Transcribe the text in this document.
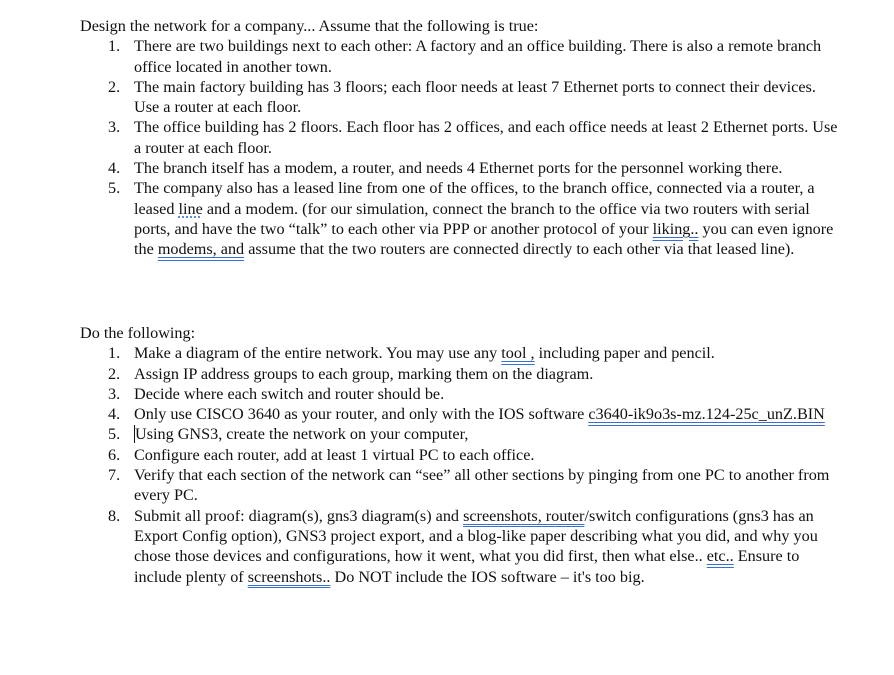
Design the network for a company... Assume that the following is true:

1. There are two buildings next to each other: A factory and an office building. There is also a remote branch office located in another town.
2. The main factory building has 3 floors; each floor needs at least 7 Ethernet ports to connect their devices. Use a router at each floor.
3. The office building has 2 floors. Each floor has 2 offices, and each office needs at least 2 Ethernet ports. Use a router at each floor.
4. The branch itself has a modem, a router, and needs 4 Ethernet ports for the personnel working there.
5. The company also has a leased line from one of the offices, to the branch office, connected via a router, a leased line and a modem. (for our simulation, connect the branch to the office via two routers with serial ports, and have the two “talk” to each other via PPP or another protocol of your liking.. you can even ignore the modems, and assume that the two routers are connected directly to each other via that leased line).

Do the following:

1. Make a diagram of the entire network. You may use any tool , including paper and pencil.
2. Assign IP address groups to each group, marking them on the diagram.
3. Decide where each switch and router should be.
4. Only use CISCO 3640 as your router, and only with the IOS software c3640-ik9o3s-mz.124-25c_unZ.BIN
5. Using GNS3, create the network on your computer,
6. Configure each router, add at least 1 virtual PC to each office.
7. Verify that each section of the network can “see” all other sections by pinging from one PC to another from every PC.
8. Submit all proof: diagram(s), gns3 diagram(s) and screenshots, router/switch configurations (gns3 has an Export Config option), GNS3 project export, and a blog-like paper describing what you did, and why you chose those devices and configurations, how it went, what you did first, then what else.. etc.. Ensure to include plenty of screenshots.. Do NOT include the IOS software – it's too big.
